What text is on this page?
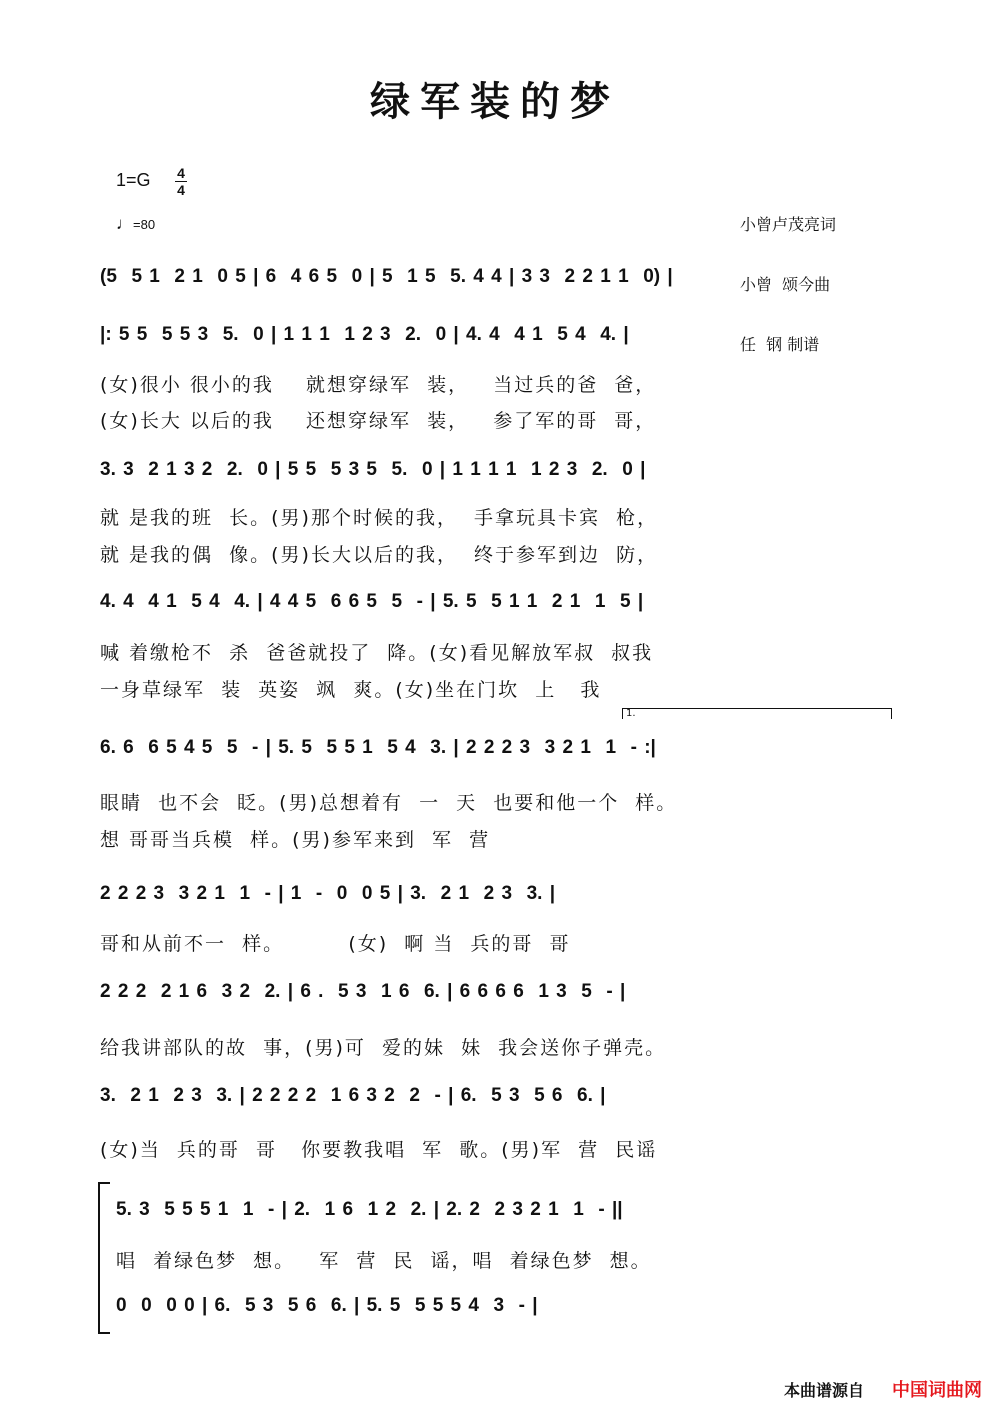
绿军装的梦
1=G 4
4
♩=80

	小曾卢茂亮词

小曾  颂今曲

任  钢 制谱

(5  5 1  2 1  0 5 | 6  4 6 5  0 | 5  1 5  5. 4 4 | 3 3  2 2 1 1  0) |
|: 5 5  5 5 3  5.  0 | 1 1 1  1 2 3  2.  0 | 4. 4  4 1  5 4  4. |
(女)很小 很小的我    就想穿绿军  装，   当过兵的爸  爸，
(女)长大 以后的我    还想穿绿军  装，   参了军的哥  哥，
3. 3  2 1 3 2  2.  0 | 5 5  5 3 5  5.  0 | 1 1 1 1  1 2 3  2.  0 |
就 是我的班  长。(男)那个时候的我，  手拿玩具卡宾  枪，
就 是我的偶  像。(男)长大以后的我，  终于参军到边  防，
4. 4  4 1  5 4  4. | 4 4 5  6 6 5  5  - | 5. 5  5 1 1  2 1  1  5 |
喊 着缴枪不  杀  爸爸就投了  降。(女)看见解放军叔  叔我
一身草绿军  装  英姿  飒  爽。(女)坐在门坎  上   我
1.
6. 6  6 5 4 5  5  - | 5. 5  5 5 1  5 4  3. | 2 2 2 3  3 2 1  1  - :|
眼睛  也不会  眨。(男)总想着有  一  天  也要和他一个  样。
想 哥哥当兵模  样。(男)参军来到  军  营
2 2 2 3  3 2 1  1  - | 1  -  0  0 5 | 3.  2 1  2 3  3. |
哥和从前不一  样。        (女)  啊 当  兵的哥  哥
2 2 2  2 1 6  3 2  2. | 6 .  5 3  1 6  6. | 6 6 6 6  1 3  5  - |
给我讲部队的故  事，(男)可  爱的妹  妹  我会送你子弹壳。
3.  2 1  2 3  3. | 2 2 2 2  1 6 3 2  2  - | 6.  5 3  5 6  6. |
(女)当  兵的哥  哥   你要教我唱  军  歌。(男)军  营  民谣
5. 3  5 5 5 1  1  - | 2.  1 6  1 2  2. | 2. 2  2 3 2 1  1  - ||
唱  着绿色梦  想。   军  营  民  谣，唱  着绿色梦  想。
0  0  0 0 | 6.  5 3  5 6  6. | 5. 5  5 5 5 4  3  - |
本曲谱源自 中国词曲网
